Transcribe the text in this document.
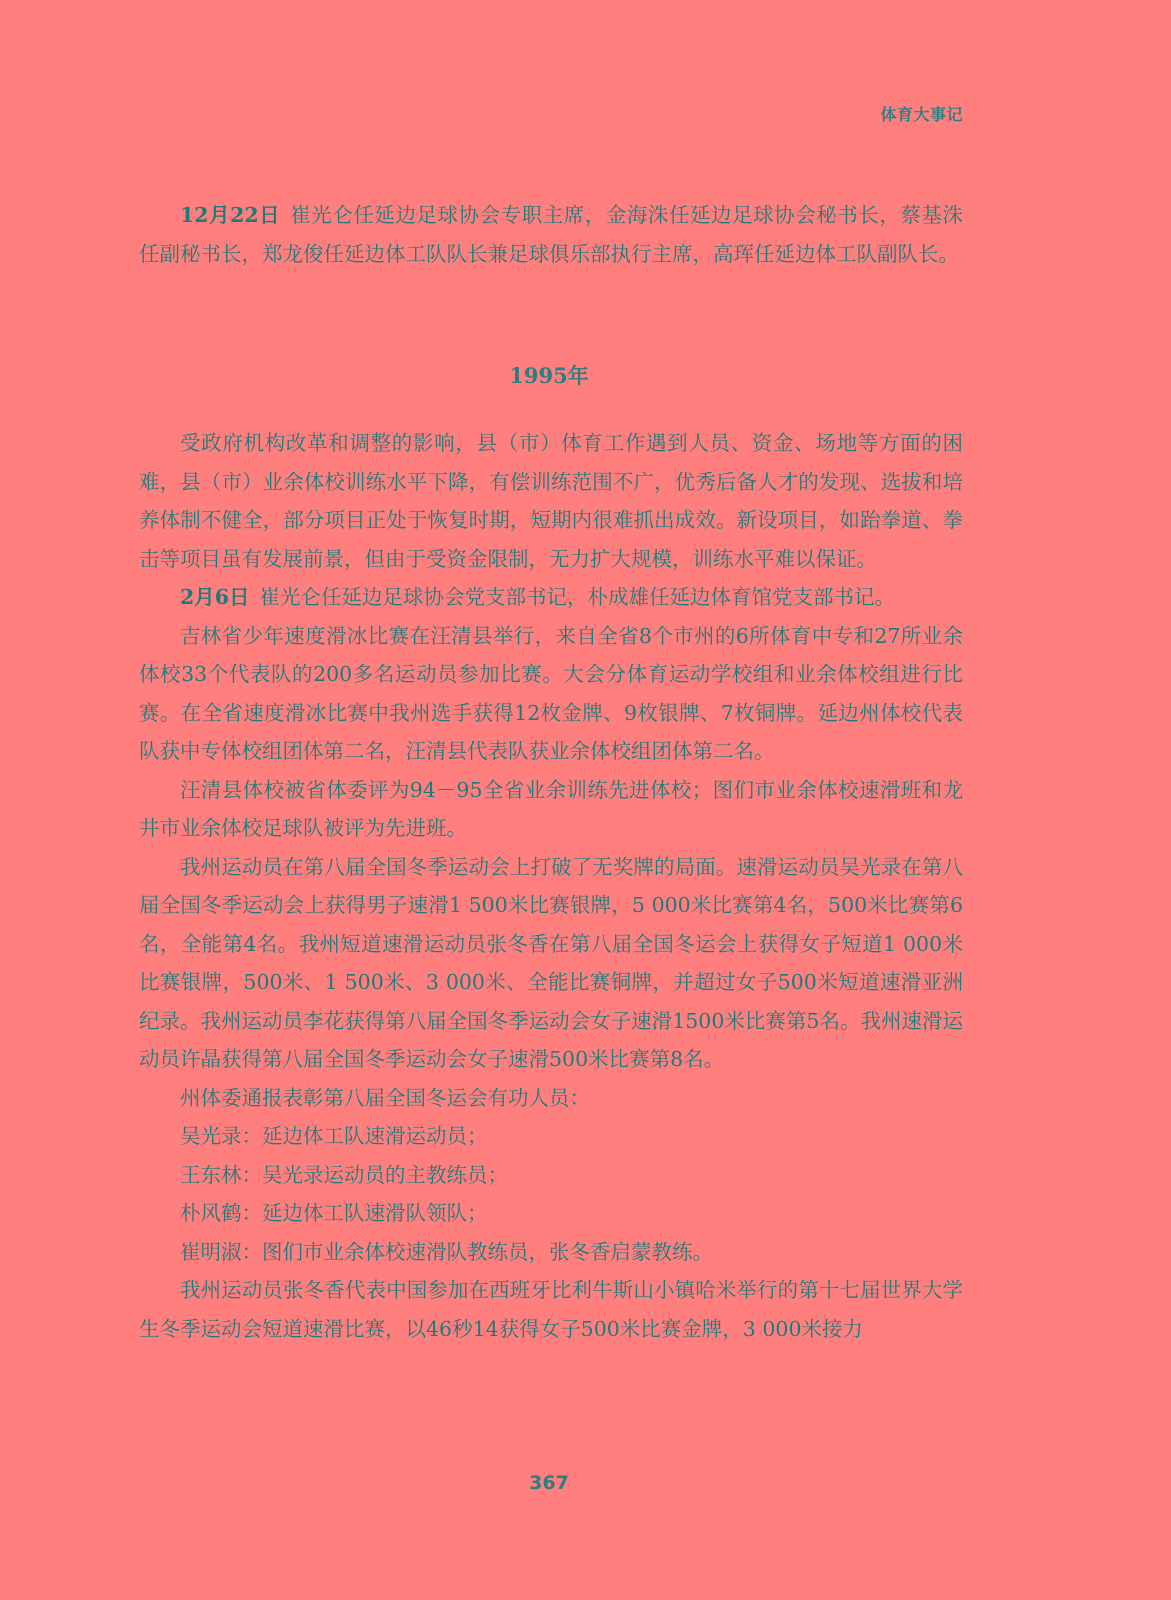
体育大事记

12月22日 崔光仑任延边足球协会专职主席，金海洙任延边足球协会秘书长，蔡基洙任副秘书长，郑龙俊任延边体工队队长兼足球俱乐部执行主席，高珲任延边体工队副队长。

1995年

受政府机构改革和调整的影响，县（市）体育工作遇到人员、资金、场地等方面的困难，县（市）业余体校训练水平下降，有偿训练范围不广，优秀后备人才的发现、选拔和培养体制不健全，部分项目正处于恢复时期，短期内很难抓出成效。新设项目，如跆拳道、拳击等项目虽有发展前景，但由于受资金限制，无力扩大规模，训练水平难以保证。

2月6日 崔光仑任延边足球协会党支部书记，朴成雄任延边体育馆党支部书记。

吉林省少年速度滑冰比赛在汪清县举行，来自全省8个市州的6所体育中专和27所业余体校33个代表队的200多名运动员参加比赛。大会分体育运动学校组和业余体校组进行比赛。在全省速度滑冰比赛中我州选手获得12枚金牌、9枚银牌、7枚铜牌。延边州体校代表队获中专体校组团体第二名，汪清县代表队获业余体校组团体第二名。

汪清县体校被省体委评为94－95全省业余训练先进体校；图们市业余体校速滑班和龙井市业余体校足球队被评为先进班。

我州运动员在第八届全国冬季运动会上打破了无奖牌的局面。速滑运动员吴光录在第八届全国冬季运动会上获得男子速滑1 500米比赛银牌，5 000米比赛第4名，500米比赛第6名，全能第4名。我州短道速滑运动员张冬香在第八届全国冬运会上获得女子短道1 000米比赛银牌，500米、1 500米、3 000米、全能比赛铜牌，并超过女子500米短道速滑亚洲纪录。我州运动员李花获得第八届全国冬季运动会女子速滑1500米比赛第5名。我州速滑运动员许晶获得第八届全国冬季运动会女子速滑500米比赛第8名。

州体委通报表彰第八届全国冬运会有功人员：

吴光录：延边体工队速滑运动员；

王东林：吴光录运动员的主教练员；

朴风鹤：延边体工队速滑队领队；

崔明淑：图们市业余体校速滑队教练员，张冬香启蒙教练。

我州运动员张冬香代表中国参加在西班牙比利牛斯山小镇哈米举行的第十七届世界大学生冬季运动会短道速滑比赛，以46秒14获得女子500米比赛金牌，3 000米接力

367
